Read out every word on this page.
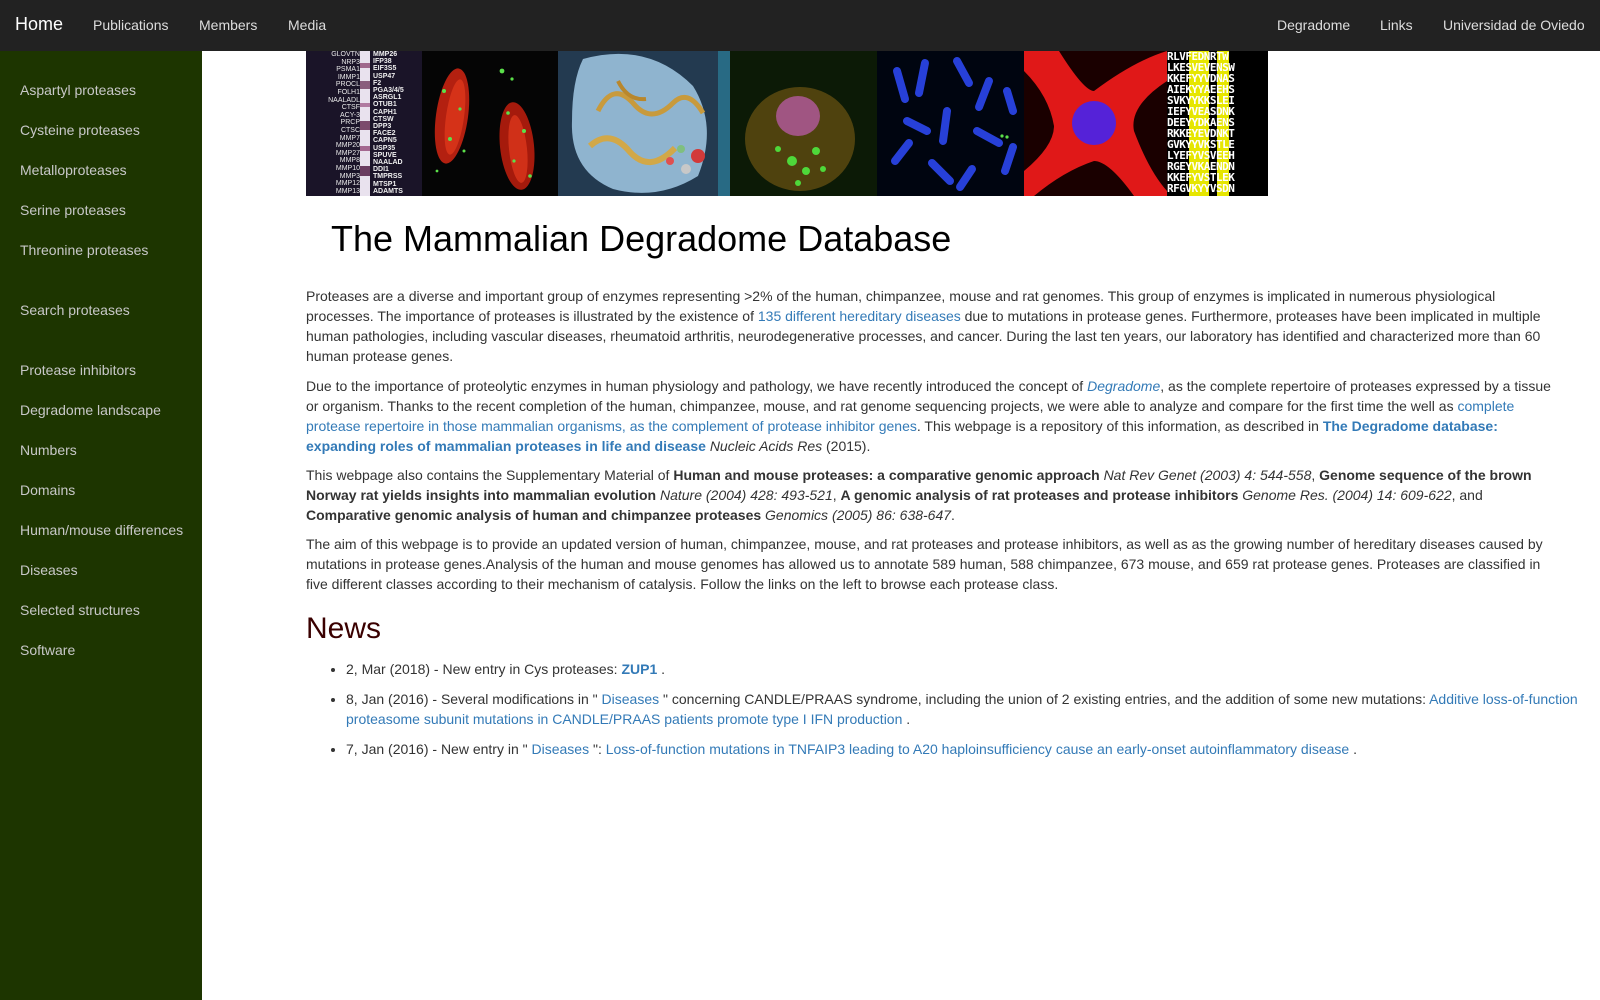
Home Publications Members Media	Degradome Links Universidad de Oviedo
Aspartyl proteases
Cysteine proteases
Metalloproteases
Serine proteases
Threonine proteases
Search proteases
Protease inhibitors
Degradome landscape
Numbers
Domains
Human/mouse differences
Diseases
Selected structures
Software
GLOVTN
NRP3
PSMA1
IMMP1
PROCL
FOLH1
NAALADL
CTSF
ACY-3
PRCP
CTSC
MMP7
MMP20
MMP27
MMP8
MMP10
MMP3
MMP12
MMP13
MMP26
IFP38
EIF3S5
USP47
F2
PGA3/4/5
ASRGL1
OTUB1
CAPH1
CTSW
DPP3
FACE2
CAPN5
USP35
SPUVE
NAALAD
DDI1
TMPRSS
MTSP1
ADAMTS
RLVFEDNRTW
LKESVEVENSW
KKEFYYVDNAS
AIEKYYAEEHS
SVKYYKKSLEI
IEFYVEASDNK
DEEYYDKAENS
RKKEYEVDNKT
GVKYYVKSTLE
LYEFYVSVEEH
RGEYVKAENDN
KKEFYVSTLEK
RFGVKYYVSDN
The Mammalian Degradome Database

Proteases are a diverse and important group of enzymes representing >2% of the human, chimpanzee, mouse and rat genomes. This group of enzymes is implicated in numerous physiological processes. The importance of proteases is illustrated by the existence of 135 different hereditary diseases due to mutations in protease genes. Furthermore, proteases have been implicated in multiple human pathologies, including vascular diseases, rheumatoid arthritis, neurodegenerative processes, and cancer. During the last ten years, our laboratory has identified and characterized more than 60 human protease genes.

Due to the importance of proteolytic enzymes in human physiology and pathology, we have recently introduced the concept of Degradome, as the complete repertoire of proteases expressed by a tissue or organism. Thanks to the recent completion of the human, chimpanzee, mouse, and rat genome sequencing projects, we were able to analyze and compare for the first time the well as complete protease repertoire in those mammalian organisms, as the complement of protease inhibitor genes. This webpage is a repository of this information, as described in The Degradome database: expanding roles of mammalian proteases in life and disease Nucleic Acids Res (2015).

This webpage also contains the Supplementary Material of Human and mouse proteases: a comparative genomic approach Nat Rev Genet (2003) 4: 544-558, Genome sequence of the brown Norway rat yields insights into mammalian evolution Nature (2004) 428: 493-521, A genomic analysis of rat proteases and protease inhibitors Genome Res. (2004) 14: 609-622, and Comparative genomic analysis of human and chimpanzee proteases Genomics (2005) 86: 638-647.

The aim of this webpage is to provide an updated version of human, chimpanzee, mouse, and rat proteases and protease inhibitors, as well as as the growing number of hereditary diseases caused by mutations in protease genes.Analysis of the human and mouse genomes has allowed us to annotate 589 human, 588 chimpanzee, 673 mouse, and 659 rat protease genes. Proteases are classified in five different classes according to their mechanism of catalysis. Follow the links on the left to browse each protease class.

News
• 2, Mar (2018) - New entry in Cys proteases: ZUP1 .
• 8, Jan (2016) - Several modifications in " Diseases " concerning CANDLE/PRAAS syndrome, including the union of 2 existing entries, and the addition of some new mutations: Additive loss-of-function proteasome subunit mutations in CANDLE/PRAAS patients promote type I IFN production .
• 7, Jan (2016) - New entry in " Diseases ": Loss-of-function mutations in TNFAIP3 leading to A20 haploinsufficiency cause an early-onset autoinflammatory disease .
